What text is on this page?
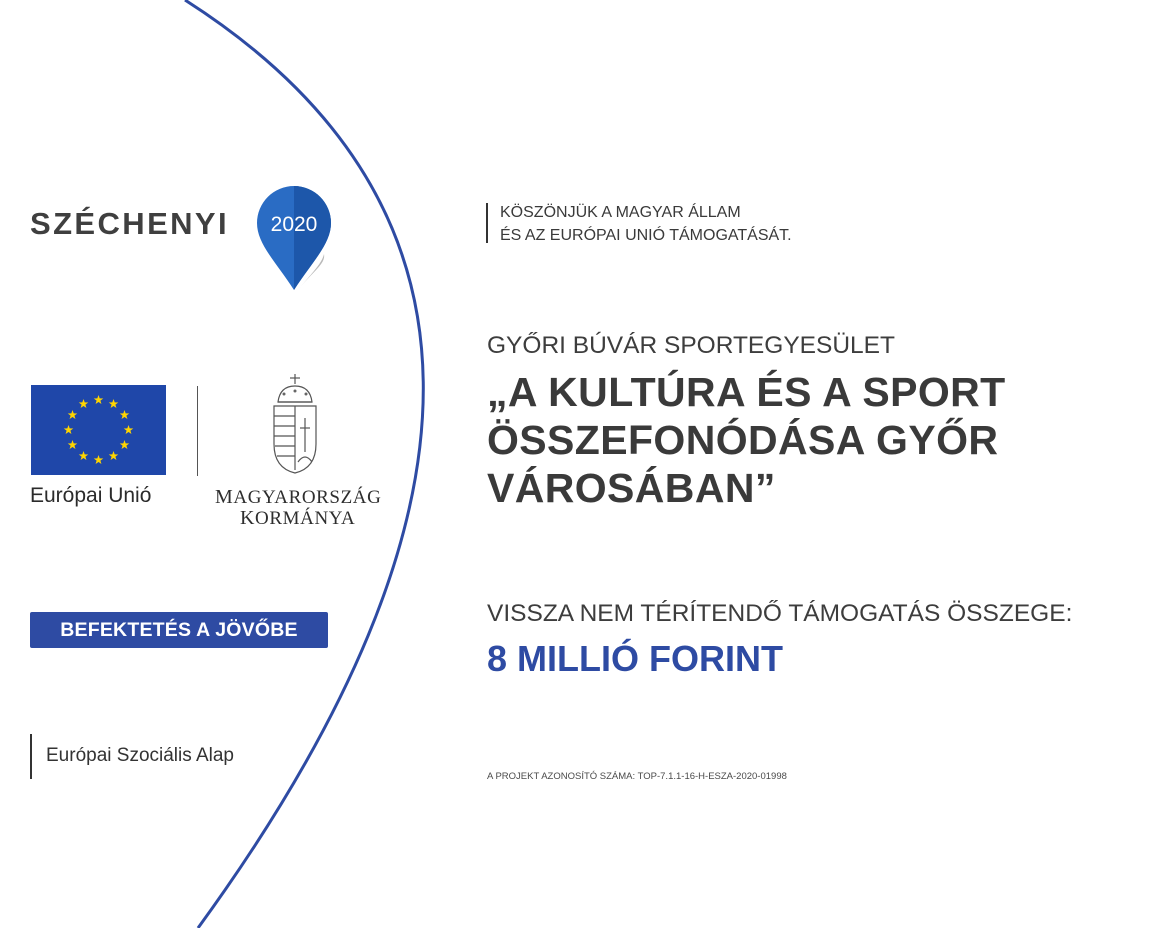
SZÉCHENYI 2020
Európai Unió	MAGYARORSZÁG
KORMÁNYA
BEFEKTETÉS A JÖVŐBE
Európai Szociális Alap
KÖSZÖNJÜK A MAGYAR ÁLLAM
ÉS AZ EURÓPAI UNIÓ TÁMOGATÁSÁT.
GYŐRI BÚVÁR SPORTEGYESÜLET
„A KULTÚRA ÉS A SPORT
ÖSSZEFONÓDÁSA GYŐR
VÁROSÁBAN”
VISSZA NEM TÉRÍTENDŐ TÁMOGATÁS ÖSSZEGE:
8 MILLIÓ FORINT
A PROJEKT AZONOSÍTÓ SZÁMA: TOP-7.1.1-16-H-ESZA-2020-01998
